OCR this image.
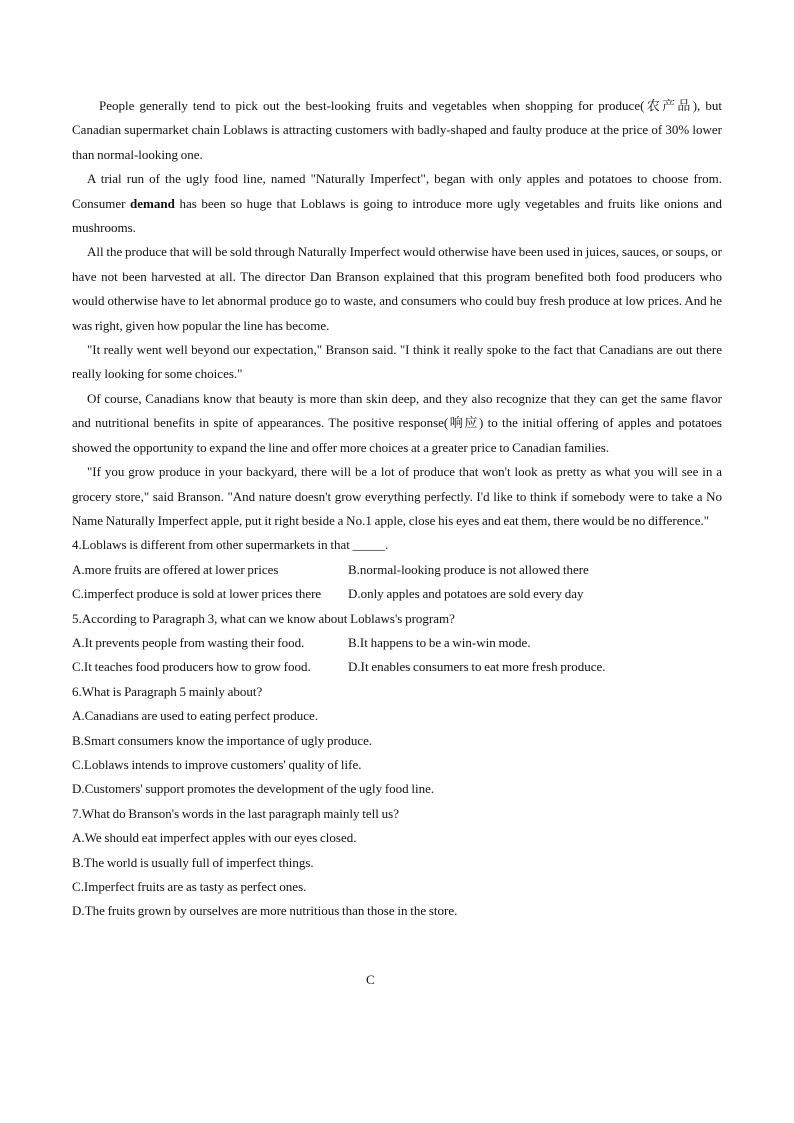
People generally tend to pick out the best-looking fruits and vegetables when shopping for produce(农产品), but Canadian supermarket chain Loblaws is attracting customers with badly-shaped and faulty produce at the price of 30% lower than normal-looking one.

A trial run of the ugly food line, named "Naturally Imperfect", began with only apples and potatoes to choose from. Consumer demand has been so huge that Loblaws is going to introduce more ugly vegetables and fruits like onions and mushrooms.

All the produce that will be sold through Naturally Imperfect would otherwise have been used in juices, sauces, or soups, or have not been harvested at all. The director Dan Branson explained that this program benefited both food producers who would otherwise have to let abnormal produce go to waste, and consumers who could buy fresh produce at low prices. And he was right, given how popular the line has become.

"It really went well beyond our expectation," Branson said. "I think it really spoke to the fact that Canadians are out there really looking for some choices."

Of course, Canadians know that beauty is more than skin deep, and they also recognize that they can get the same flavor and nutritional benefits in spite of appearances. The positive response(响应) to the initial offering of apples and potatoes showed the opportunity to expand the line and offer more choices at a greater price to Canadian families.

"If you grow produce in your backyard, there will be a lot of produce that won't look as pretty as what you will see in a grocery store," said Branson. "And nature doesn't grow everything perfectly. I'd like to think if somebody were to take a No Name Naturally Imperfect apple, put it right beside a No.1 apple, close his eyes and eat them, there would be no difference."

4.Loblaws is different from other supermarkets in that _____.

A.more fruits are offered at lower prices	B.normal-looking produce is not allowed there
C.imperfect produce is sold at lower prices there	D.only apples and potatoes are sold every day

5.According to Paragraph 3, what can we know about Loblaws's program?

A.It prevents people from wasting their food.	B.It happens to be a win-win mode.
C.It teaches food producers how to grow food.	D.It enables consumers to eat more fresh produce.

6.What is Paragraph 5 mainly about?

A.Canadians are used to eating perfect produce.

B.Smart consumers know the importance of ugly produce.

C.Loblaws intends to improve customers' quality of life.

D.Customers' support promotes the development of the ugly food line.

7.What do Branson's words in the last paragraph mainly tell us?

A.We should eat imperfect apples with our eyes closed.

B.The world is usually full of imperfect things.

C.Imperfect fruits are as tasty as perfect ones.

D.The fruits grown by ourselves are more nutritious than those in the store.

C
